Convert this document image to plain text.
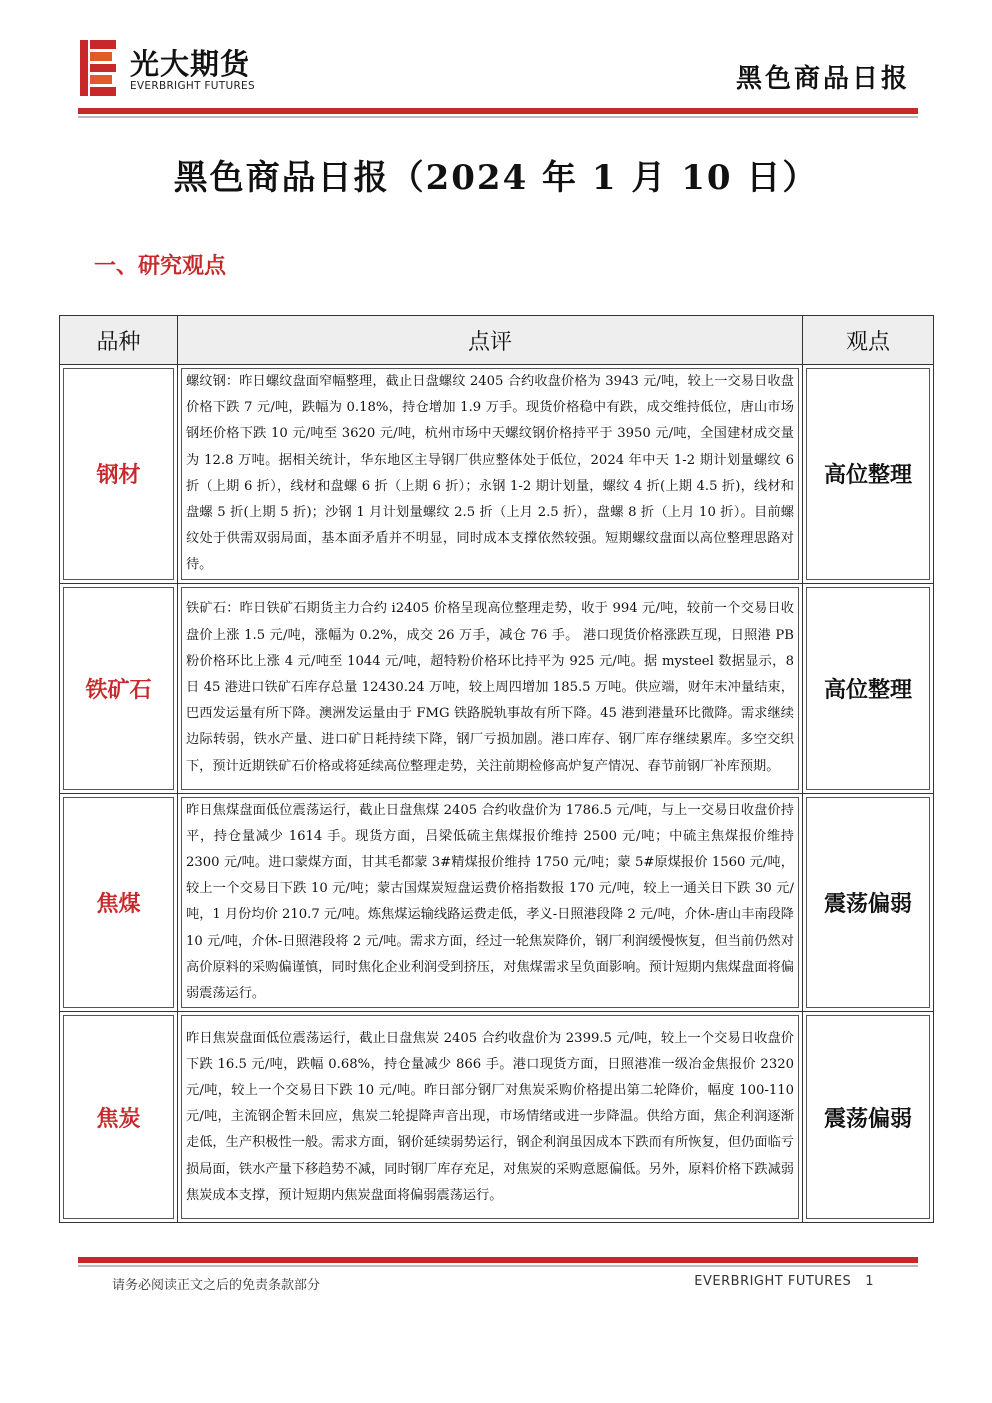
光大期货
EVERBRIGHT FUTURES	黑色商品日报
黑色商品日报（2024 年 1 月 10 日）
一、研究观点
品种	点评	观点
钢材	螺纹钢：昨日螺纹盘面窄幅整理，截止日盘螺纹 2405 合约收盘价格为 3943 元/吨，较上一交易日收盘价格下跌 7 元/吨，跌幅为 0.18%，持仓增加 1.9 万手。现货价格稳中有跌，成交维持低位，唐山市场钢坯价格下跌 10 元/吨至 3620 元/吨，杭州市场中天螺纹钢价格持平于 3950 元/吨，全国建材成交量为 12.8 万吨。据相关统计，华东地区主导钢厂供应整体处于低位，2024 年中天 1-2 期计划量螺纹 6 折（上期 6 折），线材和盘螺 6 折（上期 6 折）；永钢 1-2 期计划量，螺纹 4 折(上期 4.5 折)，线材和盘螺 5 折(上期 5 折)；沙钢 1 月计划量螺纹 2.5 折（上月 2.5 折），盘螺 8 折（上月 10 折）。目前螺纹处于供需双弱局面，基本面矛盾并不明显，同时成本支撑依然较强。短期螺纹盘面以高位整理思路对待。	高位整理
铁矿石	铁矿石：昨日铁矿石期货主力合约 i2405 价格呈现高位整理走势，收于 994 元/吨，较前一个交易日收盘价上涨 1.5 元/吨，涨幅为 0.2%，成交 26 万手，减仓 76 手。 港口现货价格涨跌互现，日照港 PB 粉价格环比上涨 4 元/吨至 1044 元/吨，超特粉价格环比持平为 925 元/吨。据 mysteel 数据显示，8 日 45 港进口铁矿石库存总量 12430.24 万吨，较上周四增加 185.5 万吨。供应端，财年末冲量结束，巴西发运量有所下降。澳洲发运量由于 FMG 铁路脱轨事故有所下降。45 港到港量环比微降。需求继续边际转弱，铁水产量、进口矿日耗持续下降，钢厂亏损加剧。港口库存、钢厂库存继续累库。多空交织下，预计近期铁矿石价格或将延续高位整理走势，关注前期检修高炉复产情况、春节前钢厂补库预期。	高位整理
焦煤	昨日焦煤盘面低位震荡运行，截止日盘焦煤 2405 合约收盘价为 1786.5 元/吨，与上一交易日收盘价持平，持仓量减少 1614 手。现货方面，吕梁低硫主焦煤报价维持 2500 元/吨；中硫主焦煤报价维持 2300 元/吨。进口蒙煤方面，甘其毛都蒙 3#精煤报价维持 1750 元/吨；蒙 5#原煤报价 1560 元/吨，较上一个交易日下跌 10 元/吨；蒙古国煤炭短盘运费价格指数报 170 元/吨，较上一通关日下跌 30 元/吨，1 月份均价 210.7 元/吨。炼焦煤运输线路运费走低，孝义-日照港段降 2 元/吨，介休-唐山丰南段降 10 元/吨，介休-日照港段将 2 元/吨。需求方面，经过一轮焦炭降价，钢厂利润缓慢恢复，但当前仍然对高价原料的采购偏谨慎，同时焦化企业利润受到挤压，对焦煤需求呈负面影响。预计短期内焦煤盘面将偏弱震荡运行。	震荡偏弱
焦炭	昨日焦炭盘面低位震荡运行，截止日盘焦炭 2405 合约收盘价为 2399.5 元/吨，较上一个交易日收盘价下跌 16.5 元/吨，跌幅 0.68%，持仓量减少 866 手。港口现货方面，日照港准一级冶金焦报价 2320 元/吨，较上一个交易日下跌 10 元/吨。昨日部分钢厂对焦炭采购价格提出第二轮降价，幅度 100-110 元/吨，主流钢企暂未回应，焦炭二轮提降声音出现，市场情绪或进一步降温。供给方面，焦企利润逐渐走低，生产积极性一般。需求方面，钢价延续弱势运行，钢企利润虽因成本下跌而有所恢复，但仍面临亏损局面，铁水产量下移趋势不减，同时钢厂库存充足，对焦炭的采购意愿偏低。另外，原料价格下跌减弱焦炭成本支撑，预计短期内焦炭盘面将偏弱震荡运行。	震荡偏弱
请务必阅读正文之后的免责条款部分	EVERBRIGHT FUTURES 1
